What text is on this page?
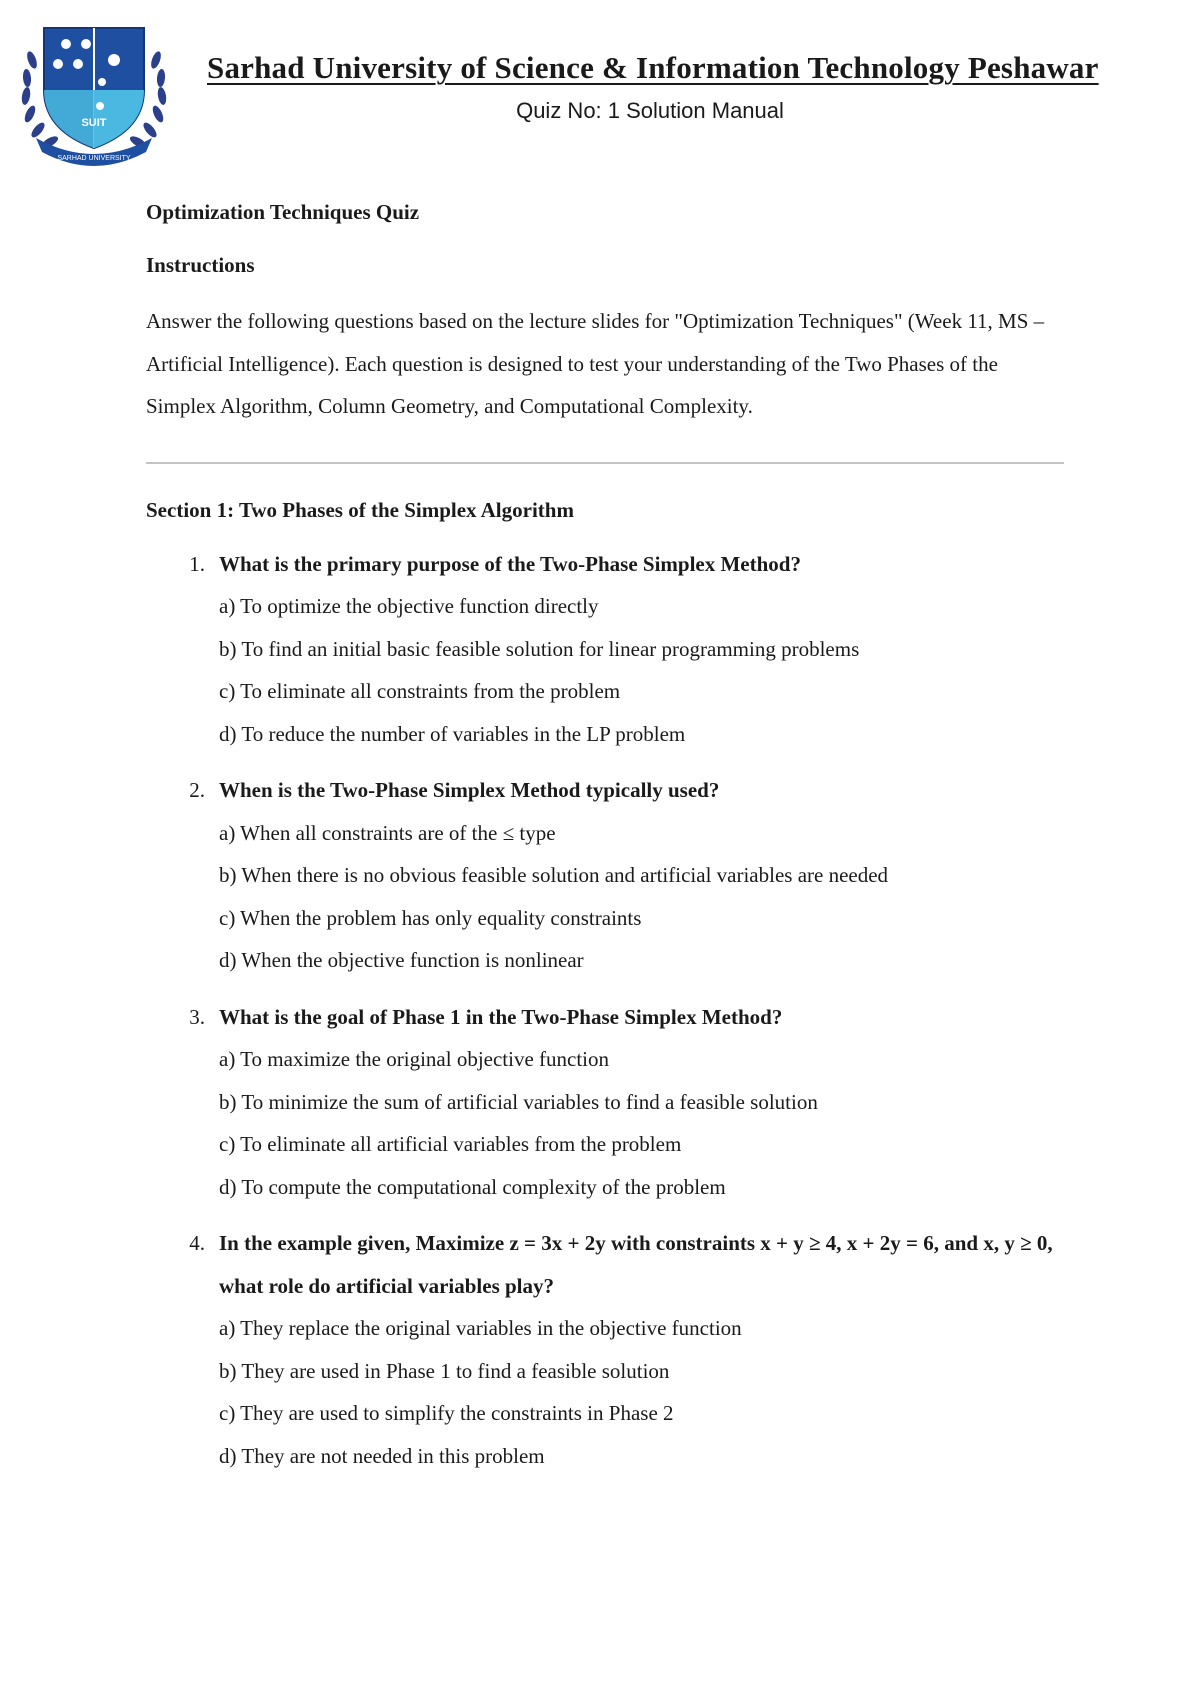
SUIT
SARHAD UNIVERSITY
Sarhad University of Science & Information Technology Peshawar
Quiz No: 1 Solution Manual

Optimization Techniques Quiz

Instructions

Answer the following questions based on the lecture slides for "Optimization Techniques" (Week 11, MS – Artificial Intelligence). Each question is designed to test your understanding of the Two Phases of the Simplex Algorithm, Column Geometry, and Computational Complexity.

Section 1: Two Phases of the Simplex Algorithm

1. What is the primary purpose of the Two-Phase Simplex Method?
a) To optimize the objective function directly
b) To find an initial basic feasible solution for linear programming problems
c) To eliminate all constraints from the problem
d) To reduce the number of variables in the LP problem
2. When is the Two-Phase Simplex Method typically used?
a) When all constraints are of the ≤ type
b) When there is no obvious feasible solution and artificial variables are needed
c) When the problem has only equality constraints
d) When the objective function is nonlinear
3. What is the goal of Phase 1 in the Two-Phase Simplex Method?
a) To maximize the original objective function
b) To minimize the sum of artificial variables to find a feasible solution
c) To eliminate all artificial variables from the problem
d) To compute the computational complexity of the problem
4. In the example given, Maximize z = 3x + 2y with constraints x + y ≥ 4, x + 2y = 6, and x, y ≥ 0, what role do artificial variables play?
a) They replace the original variables in the objective function
b) They are used in Phase 1 to find a feasible solution
c) They are used to simplify the constraints in Phase 2
d) They are not needed in this problem
